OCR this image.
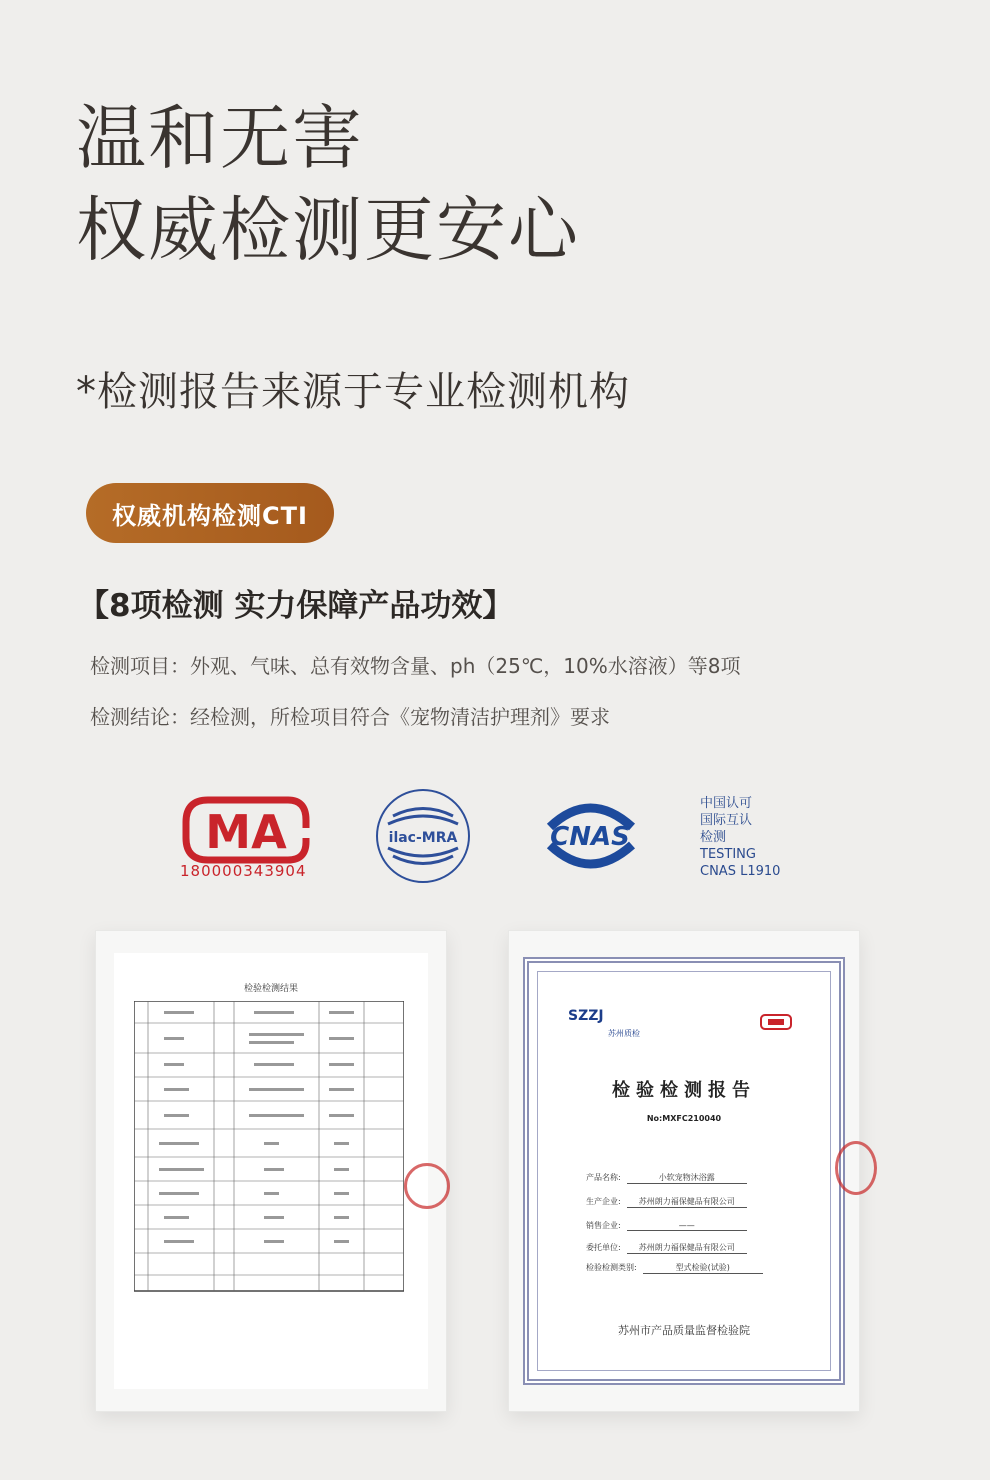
温和无害
权威检测更安心
*检测报告来源于专业检测机构
权威机构检测CTI
【8项检测 实力保障产品功效】
检测项目：外观、气味、总有效物含量、ph（25℃，10%水溶液）等8项
检测结论：经检测，所检项目符合《宠物清洁护理剂》要求
MA
180000343904
ilac-MRA	CNAS
中国认可
国际互认
检测
TESTING
CNAS L1910
检验检测结果
SZZJ
苏州质检
检验检测报告
No:MXFC210040
产品名称:	小软宠物沐浴露
生产企业: 苏州朗力福保健品有限公司
销售企业:	——
委托单位: 苏州朗力福保健品有限公司
检验检测类别:	型式检验(试验)
苏州市产品质量监督检验院
